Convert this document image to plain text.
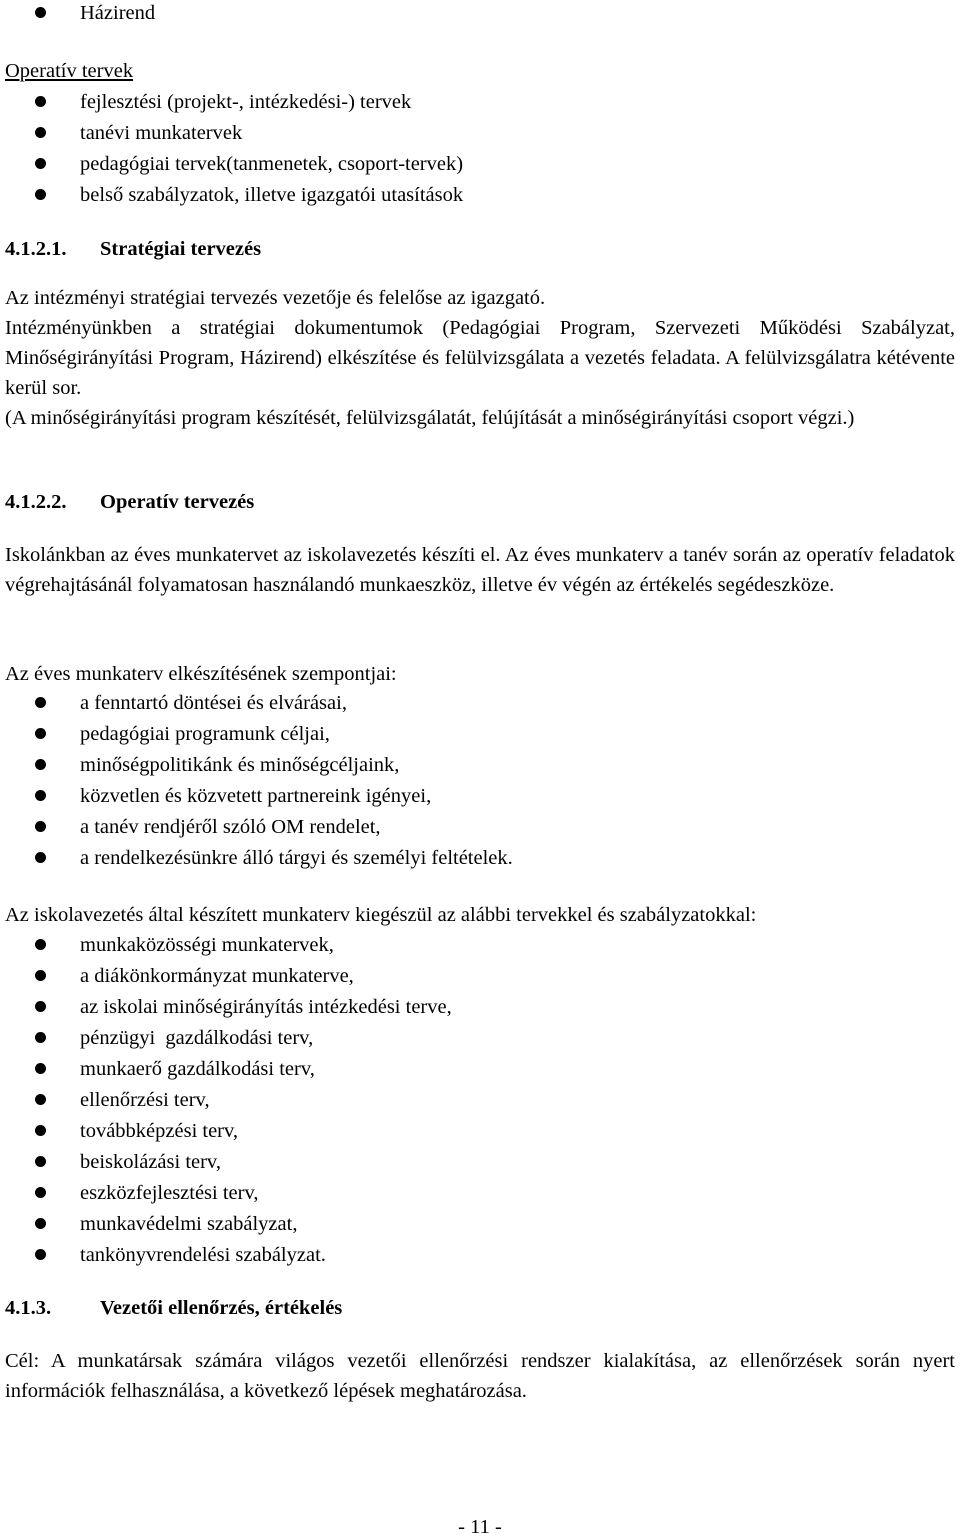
Házirend
Operatív tervek
fejlesztési (projekt-, intézkedési-) tervek
tanévi munkatervek
pedagógiai tervek(tanmenetek, csoport-tervek)
belső szabályzatok, illetve igazgatói utasítások
4.1.2.1. Stratégiai tervezés
Az intézményi stratégiai tervezés vezetője és felelőse az igazgató.
Intézményünkben a stratégiai dokumentumok (Pedagógiai Program, Szervezeti Működési Szabályzat, Minőségirányítási Program, Házirend) elkészítése és felülvizsgálata a vezetés feladata. A felülvizsgálatra kétévente kerül sor.
(A minőségirányítási program készítését, felülvizsgálatát, felújítását a minőségirányítási csoport végzi.)
4.1.2.2. Operatív tervezés
Iskolánkban az éves munkatervet az iskolavezetés készíti el. Az éves munkaterv a tanév során az operatív feladatok végrehajtásánál folyamatosan használandó munkaeszköz, illetve év végén az értékelés segédeszköze.
Az éves munkaterv elkészítésének szempontjai:
a fenntartó döntései és elvárásai,
pedagógiai programunk céljai,
minőségpolitikánk és minőségcéljaink,
közvetlen és közvetett partnereink igényei,
a tanév rendjéről szóló OM rendelet,
a rendelkezésünkre álló tárgyi és személyi feltételek.
Az iskolavezetés által készített munkaterv kiegészül az alábbi tervekkel és szabályzatokkal:
munkaközösségi munkatervek,
a diákönkormányzat munkaterve,
az iskolai minőségirányítás intézkedési terve,
pénzügyi  gazdálkodási terv,
munkaerő gazdálkodási terv,
ellenőrzési terv,
továbbképzési terv,
beiskolázási terv,
eszközfejlesztési terv,
munkavédelmi szabályzat,
tankönyvrendelési szabályzat.
4.1.3. Vezetői ellenőrzés, értékelés
Cél: A munkatársak számára világos vezetői ellenőrzési rendszer kialakítása, az ellenőrzések során nyert információk felhasználása, a következő lépések meghatározása.
- 11 -
